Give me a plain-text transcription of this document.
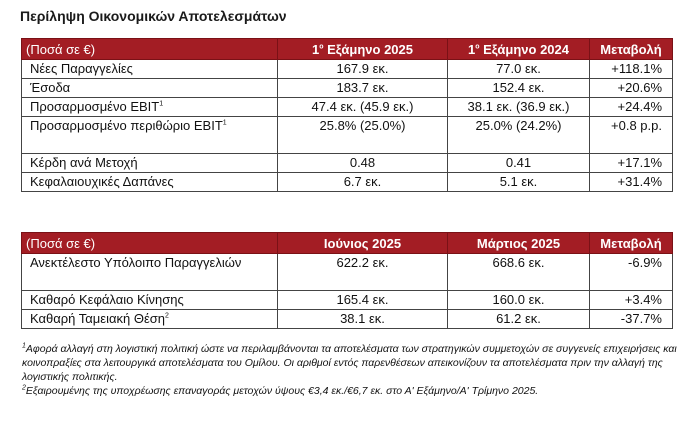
Περίληψη Οικονομικών Αποτελεσμάτων
(Ποσά σε €)	$1^o$ Εξάμηνο 2025	$1^o$ Εξάμηνο 2024	Μεταβολή
Νέες Παραγγελίες	167.9 εκ.	77.0 εκ.	+118.1%
Έσοδα	183.7 εκ.	152.4 εκ.	+20.6%
Προσαρμοσμένο EBIT$^1$	47.4 εκ. (45.9 εκ.)	38.1 εκ. (36.9 εκ.)	+24.4%
Προσαρμοσμένο περιθώριο EBIT$^1$	25.8% (25.0%)	25.0% (24.2%)	+0.8 p.p.
Κέρδη ανά Μετοχή	0.48	0.41	+17.1%
Κεφαλαιουχικές Δαπάνες	6.7 εκ.	5.1 εκ.	+31.4%
(Ποσά σε €)	Ιούνιος 2025	Μάρτιος 2025	Μεταβολή
Ανεκτέλεστο Υπόλοιπο Παραγγελιών	622.2 εκ.	668.6 εκ.	-6.9%
Καθαρό Κεφάλαιο Κίνησης	165.4 εκ.	160.0 εκ.	+3.4%
Καθαρή Ταμειακή Θέση$^2$	38.1 εκ.	61.2 εκ.	-37.7%

$^1$Αφορά αλλαγή στη λογιστική πολιτική ώστε να περιλαμβάνονται τα αποτελέσματα των στρατηγικών συμμετοχών σε συγγενείς επιχειρήσεις και κοινοπραξίες στα λειτουργικά αποτελέσματα του Ομίλου. Οι αριθμοί εντός παρενθέσεων απεικονίζουν τα αποτελέσματα πριν την αλλαγή της λογιστικής πολιτικής.

$^2$Εξαιρουμένης της υποχρέωσης επαναγοράς μετοχών ύψους €3,4 εκ./€6,7 εκ. στο Α' Εξάμηνο/Α' Τρίμηνο 2025.
